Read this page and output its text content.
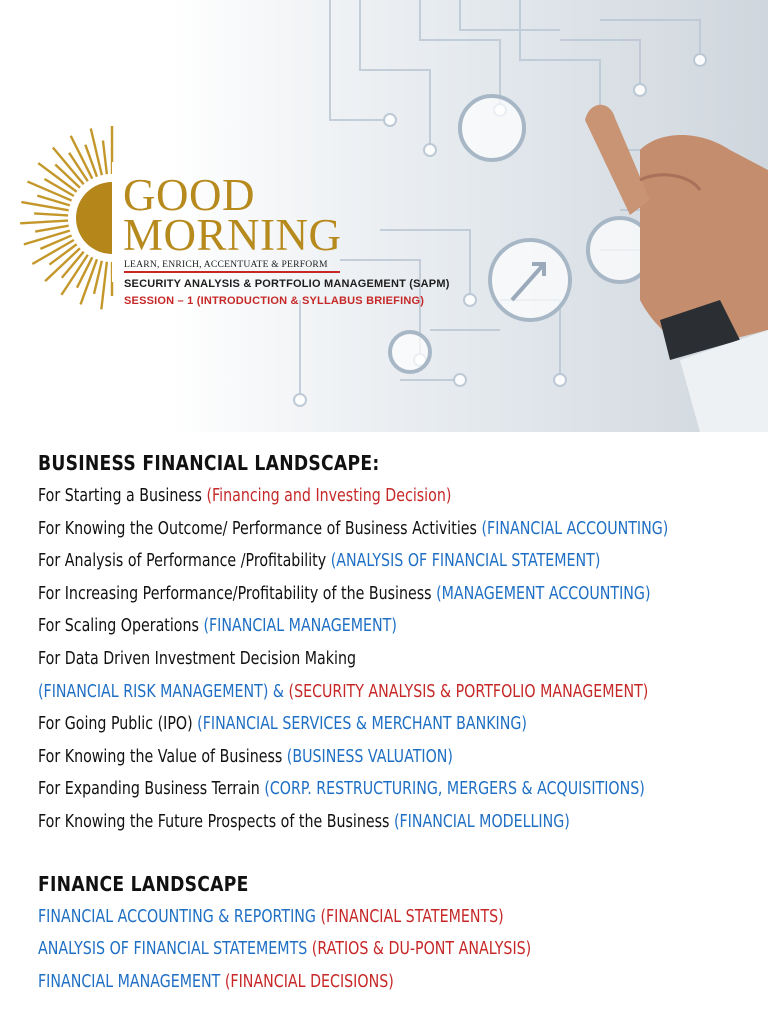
GOOD
MORNING
LEARN, ENRICH, ACCENTUATE & PERFORM
SECURITY ANALYSIS & PORTFOLIO MANAGEMENT (SAPM)
SESSION – 1 (INTRODUCTION & SYLLABUS BRIEFING)
BUSINESS FINANCIAL LANDSCAPE:
For Starting a Business (Financing and Investing Decision)
For Knowing the Outcome/ Performance of Business Activities (FINANCIAL ACCOUNTING)
For Analysis of Performance /Profitability (ANALYSIS OF FINANCIAL STATEMENT)
For Increasing Performance/Profitability of the Business (MANAGEMENT ACCOUNTING)
For Scaling Operations (FINANCIAL MANAGEMENT)
For Data Driven Investment Decision Making
(FINANCIAL RISK MANAGEMENT) & (SECURITY ANALYSIS & PORTFOLIO MANAGEMENT)
For Going Public (IPO) (FINANCIAL SERVICES & MERCHANT BANKING)
For Knowing the Value of Business (BUSINESS VALUATION)
For Expanding Business Terrain (CORP. RESTRUCTURING, MERGERS & ACQUISITIONS)
For Knowing the Future Prospects of the Business (FINANCIAL MODELLING)
FINANCE LANDSCAPE
FINANCIAL ACCOUNTING & REPORTING (FINANCIAL STATEMENTS)
ANALYSIS OF FINANCIAL STATEMEMTS (RATIOS & DU-PONT ANALYSIS)
FINANCIAL MANAGEMENT (FINANCIAL DECISIONS)
